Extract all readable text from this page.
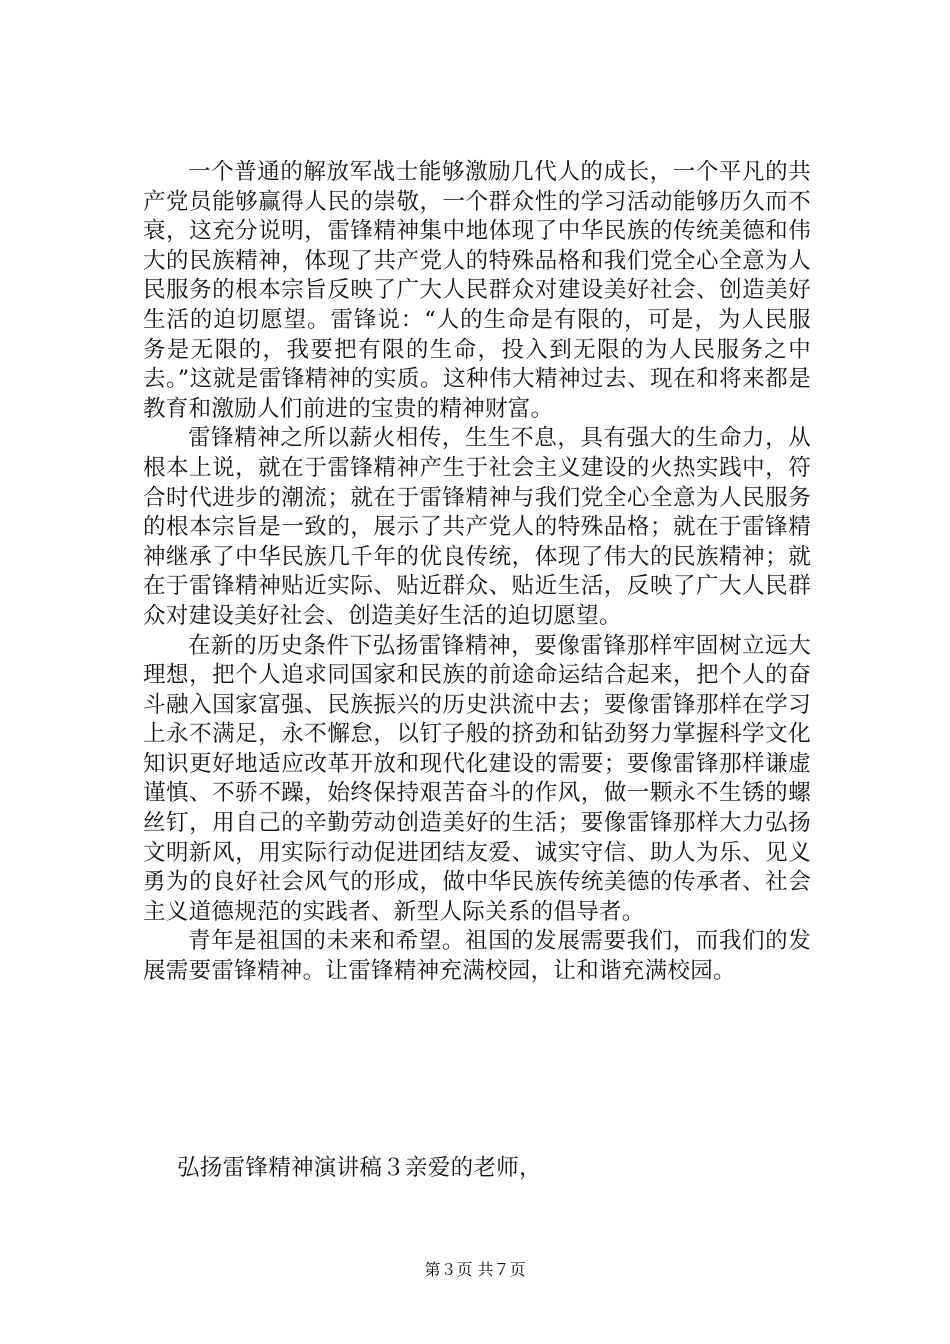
一个普通的解放军战士能够激励几代人的成长，一个平凡的共产党员能够赢得人民的崇敬，一个群众性的学习活动能够历久而不衰，这充分说明，雷锋精神集中地体现了中华民族的传统美德和伟大的民族精神，体现了共产党人的特殊品格和我们党全心全意为人民服务的根本宗旨反映了广大人民群众对建设美好社会、创造美好生活的迫切愿望。雷锋说：“人的生命是有限的，可是，为人民服务是无限的，我要把有限的生命，投入到无限的为人民服务之中去。”这就是雷锋精神的实质。这种伟大精神过去、现在和将来都是教育和激励人们前进的宝贵的精神财富。

雷锋精神之所以薪火相传，生生不息，具有强大的生命力，从根本上说，就在于雷锋精神产生于社会主义建设的火热实践中，符合时代进步的潮流；就在于雷锋精神与我们党全心全意为人民服务的根本宗旨是一致的，展示了共产党人的特殊品格；就在于雷锋精神继承了中华民族几千年的优良传统，体现了伟大的民族精神；就在于雷锋精神贴近实际、贴近群众、贴近生活，反映了广大人民群众对建设美好社会、创造美好生活的迫切愿望。

在新的历史条件下弘扬雷锋精神，要像雷锋那样牢固树立远大理想，把个人追求同国家和民族的前途命运结合起来，把个人的奋斗融入国家富强、民族振兴的历史洪流中去；要像雷锋那样在学习上永不满足，永不懈怠，以钉子般的挤劲和钻劲努力掌握科学文化知识更好地适应改革开放和现代化建设的需要；要像雷锋那样谦虚谨慎、不骄不躁，始终保持艰苦奋斗的作风，做一颗永不生锈的螺丝钉，用自己的辛勤劳动创造美好的生活；要像雷锋那样大力弘扬文明新风，用实际行动促进团结友爱、诚实守信、助人为乐、见义勇为的良好社会风气的形成，做中华民族传统美德的传承者、社会主义道德规范的实践者、新型人际关系的倡导者。

青年是祖国的未来和希望。祖国的发展需要我们，而我们的发展需要雷锋精神。让雷锋精神充满校园，让和谐充满校园。

弘扬雷锋精神演讲稿３亲爱的老师，

第３页 共７页
